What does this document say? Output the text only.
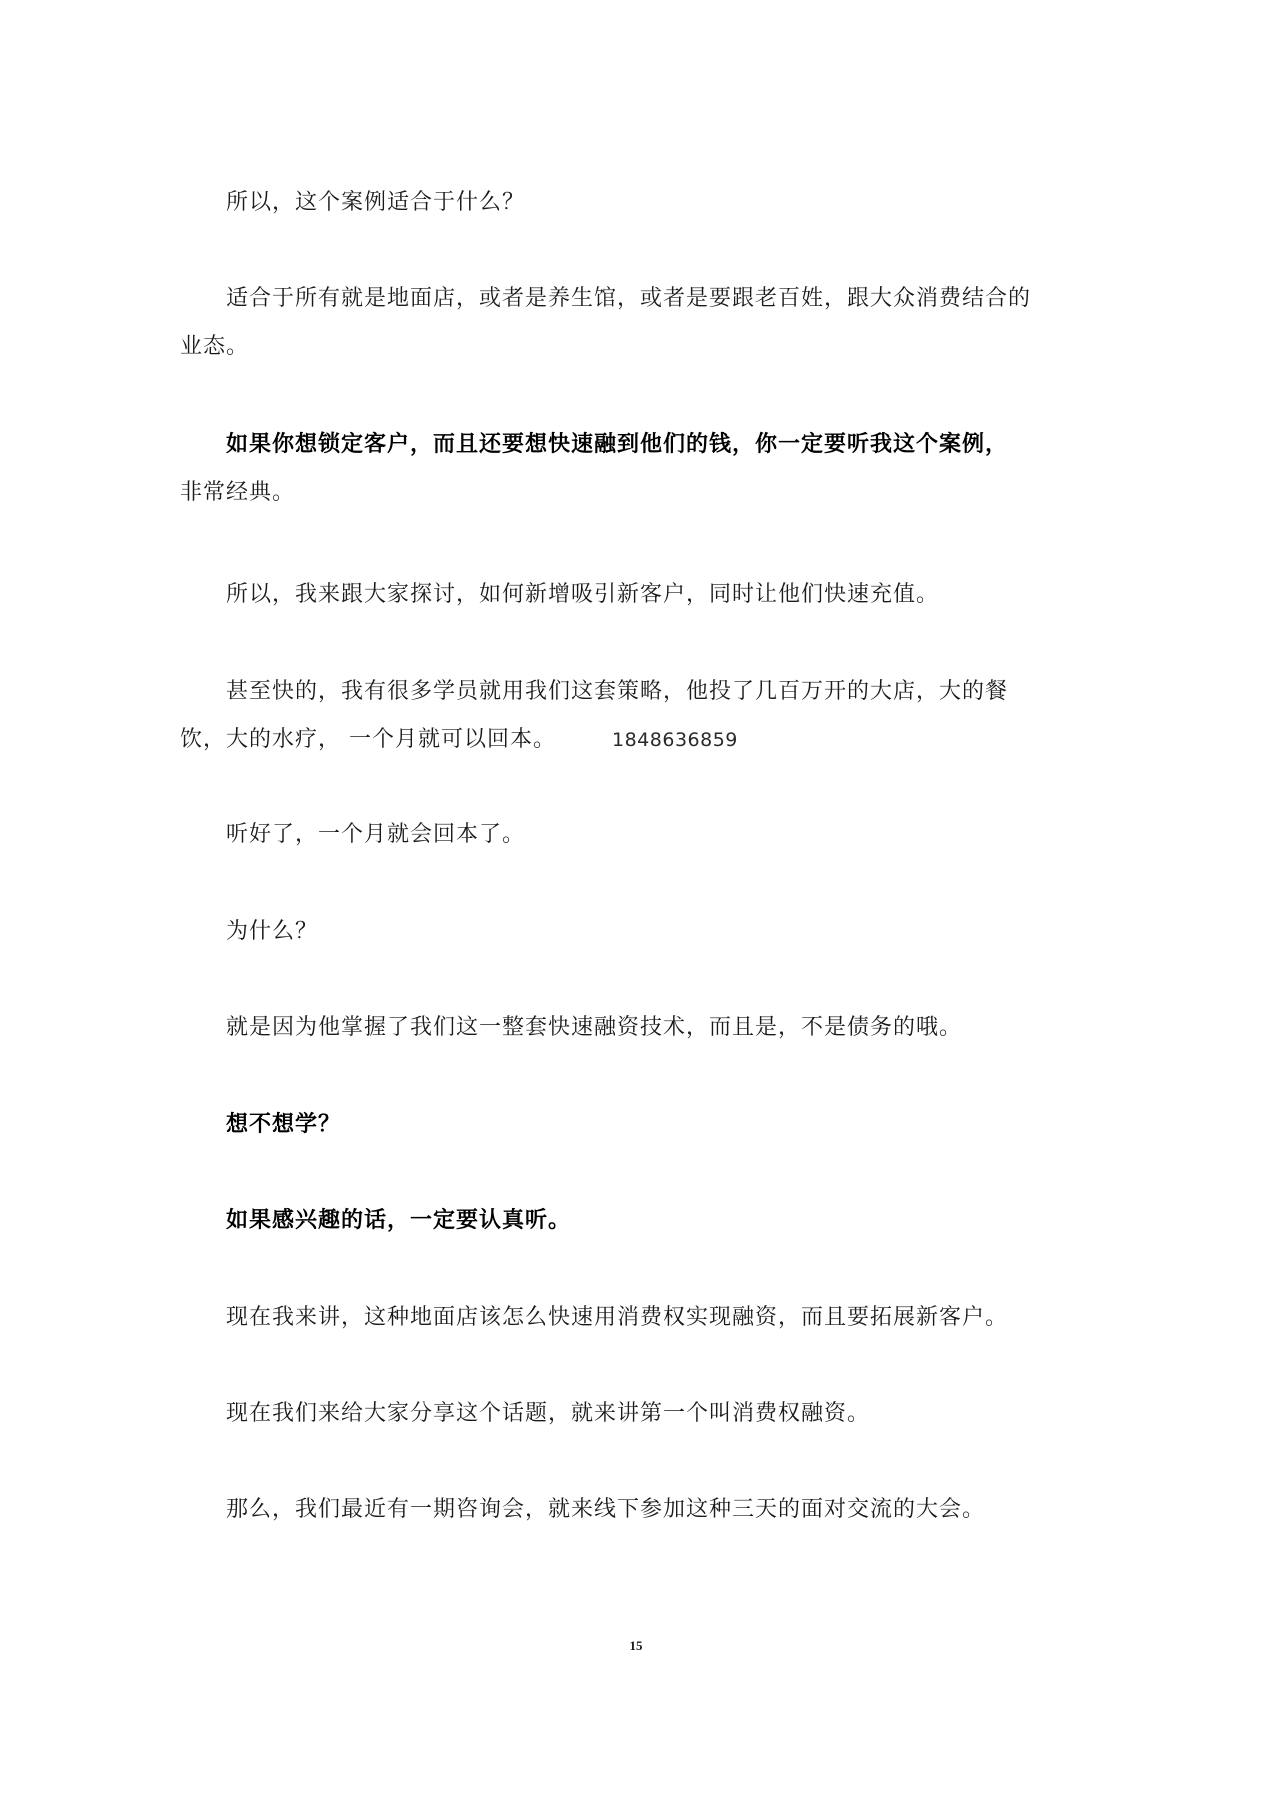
所以，这个案例适合于什么？

适合于所有就是地面店，或者是养生馆，或者是要跟老百姓，跟大众消费结合的业态。

如果你想锁定客户，而且还要想快速融到他们的钱，你一定要听我这个案例，

非常经典。

所以，我来跟大家探讨，如何新增吸引新客户，同时让他们快速充值。

甚至快的，我有很多学员就用我们这套策略，他投了几百万开的大店，大的餐饮，大的水疗， 一个月就可以回本。	1848636859

听好了，一个月就会回本了。

为什么？

就是因为他掌握了我们这一整套快速融资技术，而且是，不是债务的哦。

想不想学？

如果感兴趣的话，一定要认真听。

现在我来讲，这种地面店该怎么快速用消费权实现融资，而且要拓展新客户。

现在我们来给大家分享这个话题，就来讲第一个叫消费权融资。

那么，我们最近有一期咨询会，就来线下参加这种三天的面对交流的大会。

15
